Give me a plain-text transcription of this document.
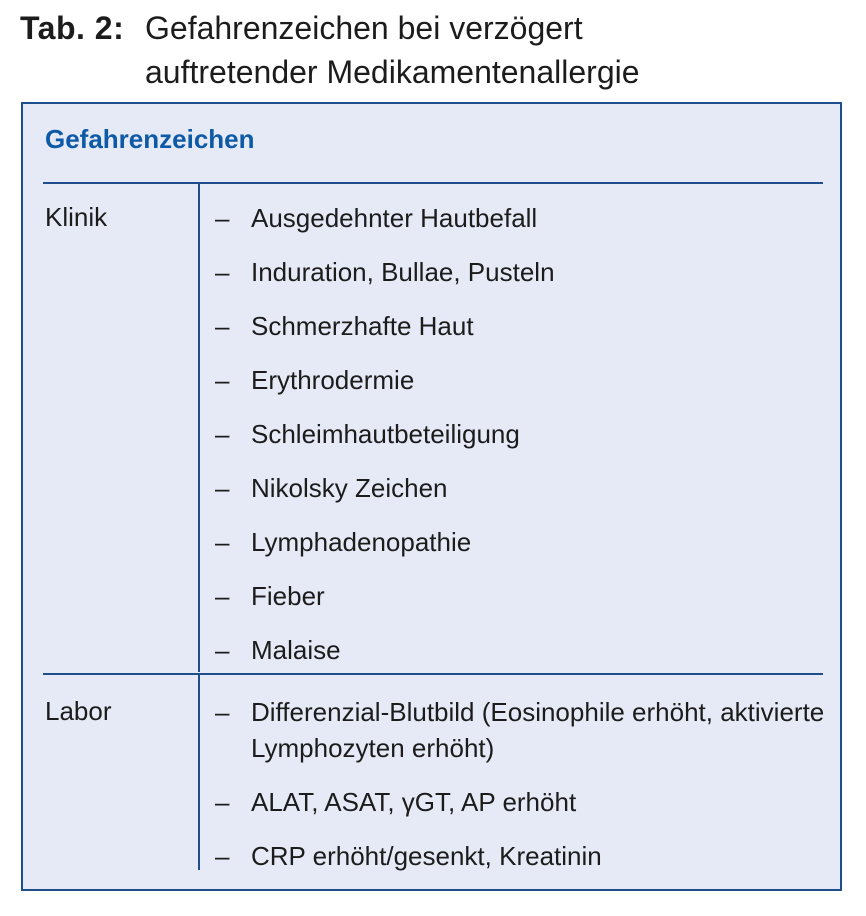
Tab. 2: Gefahrenzeichen bei verzögert
auftretender Medikamentenallergie
Gefahrenzeichen
Klinik	– Ausgedehnter Hautbefall
– Induration, Bullae, Pusteln
– Schmerzhafte Haut
– Erythrodermie
– Schleimhautbeteiligung
– Nikolsky Zeichen
– Lymphadenopathie
– Fieber
– Malaise
Labor	– Differenzial-Blutbild (Eosinophile erhöht, aktivierte Lymphozyten erhöht)
– ALAT, ASAT, γGT, AP erhöht
– CRP erhöht/gesenkt, Kreatinin
